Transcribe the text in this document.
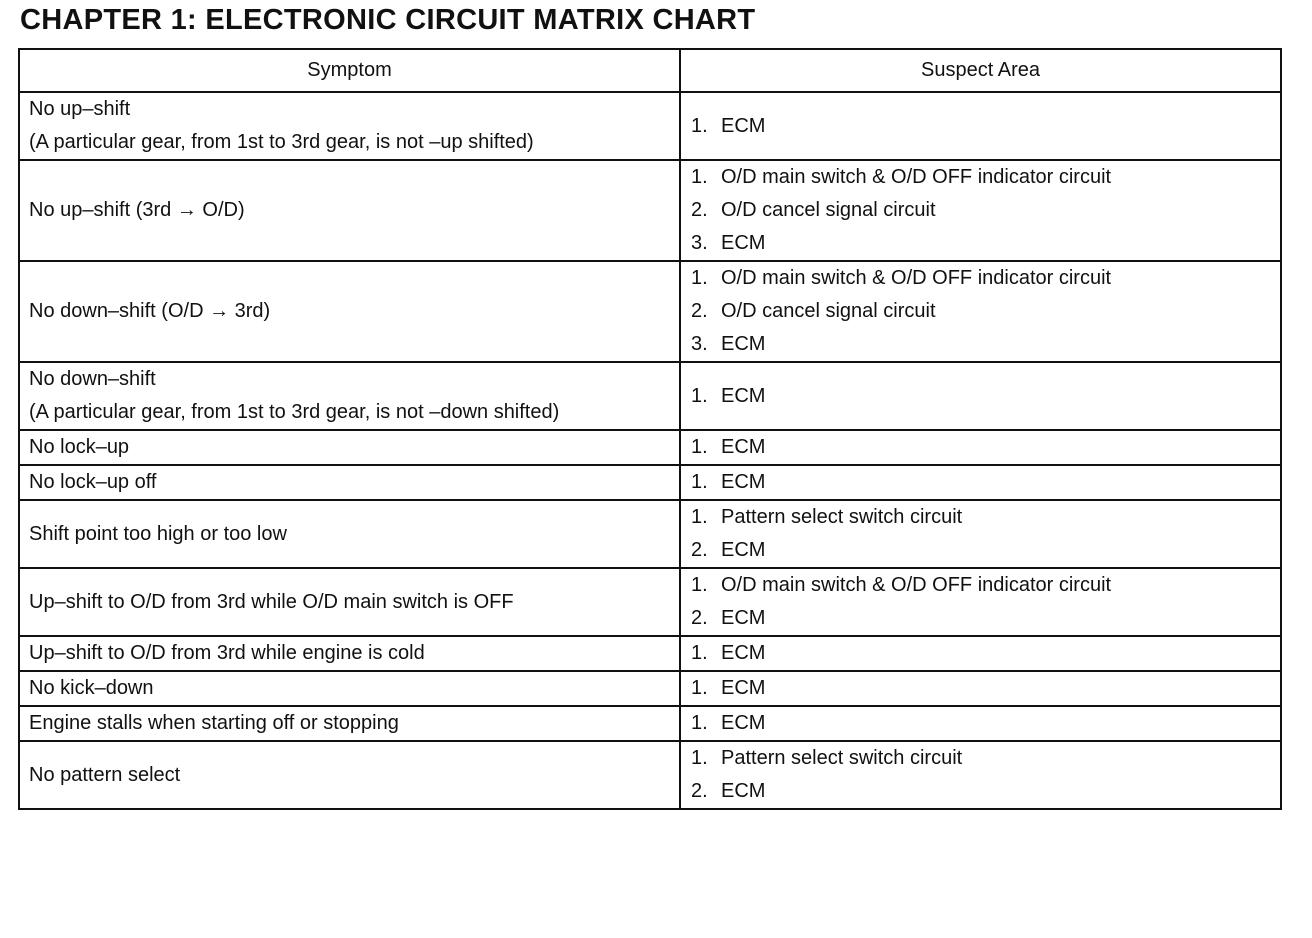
CHAPTER 1: ELECTRONIC CIRCUIT MATRIX CHART
Symptom	Suspect Area

No up–shift
(A particular gear, from 1st to 3rd gear, is not –up shifted)	1. ECM

No up–shift (3rd → O/D)	1. O/D main switch & O/D OFF indicator circuit
2. O/D cancel signal circuit
3. ECM

No down–shift (O/D → 3rd)	1. O/D main switch & O/D OFF indicator circuit
2. O/D cancel signal circuit
3. ECM

No down–shift
(A particular gear, from 1st to 3rd gear, is not –down shifted)	1. ECM

No lock–up	1. ECM

No lock–up off	1. ECM

Shift point too high or too low	1. Pattern select switch circuit
2. ECM

Up–shift to O/D from 3rd while O/D main switch is OFF	1. O/D main switch & O/D OFF indicator circuit
2. ECM

Up–shift to O/D from 3rd while engine is cold	1. ECM

No kick–down	1. ECM

Engine stalls when starting off or stopping	1. ECM

No pattern select	1. Pattern select switch circuit
2. ECM
